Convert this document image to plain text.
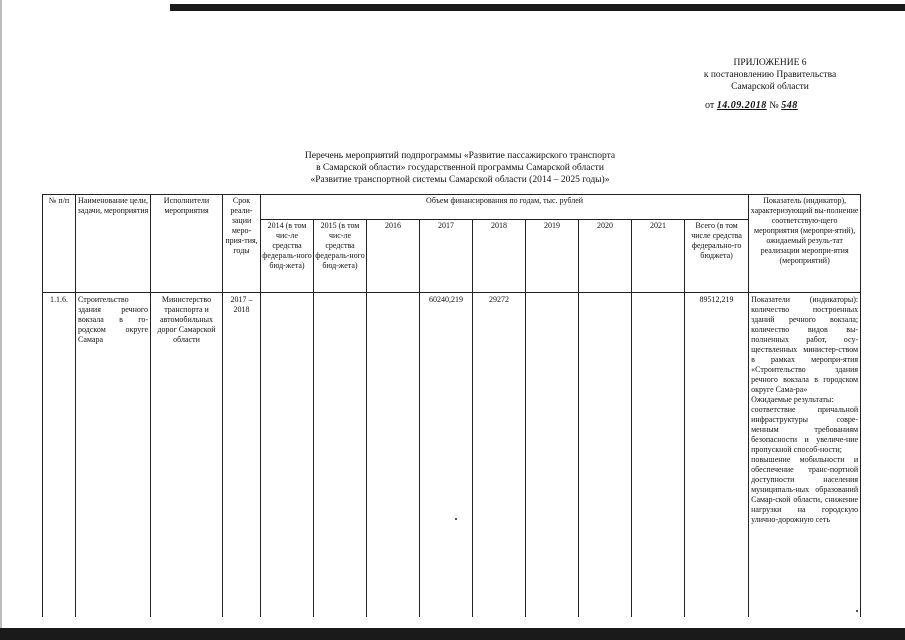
ПРИЛОЖЕНИЕ 6
к постановлению Правительства
Самарской области
от 14.09.2018 № 548
Перечень мероприятий подпрограммы «Развитие пассажирского транспорта
в Самарской области» государственной программы Самарской области
«Развитие транспортной системы Самарской области (2014 – 2025 годы)»
№ п/п	Наименование цели, задачи, мероприятия	Исполнители мероприятия	Срок реали-зации меро-прия-тия, годы	Объем финансирования по годам, тыс. рублей									Показатель (индикатор), характеризующий вы-полнение соответствую-щего мероприятия (меропри-ятий), ожидаемый резуль-тат реализации меропри-ятия (мероприятий)
				2014 (в том чис-ле средства федераль-ного бюд-жета)	2015 (в том чис-ле средства федераль-ного бюд-жета)	2016	2017	2018	2019	2020	2021	Всего (в том числе средства федерально-го бюджета)	
1.1.6.	Строительство здания речного вокзала в го-родском округе Самара	Министерство транспорта и автомобильных дорог Самарской области	2017 – 2018				60240,219	29272				89512,219	Показатели (индикаторы): количество построенных зданий речного вокзала; количество видов вы-полненных работ, осу-ществленных министер-ством в рамках меропри-ятия «Строительство здания речного вокзала в городском округе Сама-ра»
Ожидаемые результаты:
соответствие причальной инфраструктуры совре-менным требованиям безопасности и увеличе-ние пропускной способ-ности;
повышение мобильности и обеспечение транс-портной доступности населения муниципаль-ных образований Самар-ской области, снижение нагрузки на городскую улично-дорожную сеть
